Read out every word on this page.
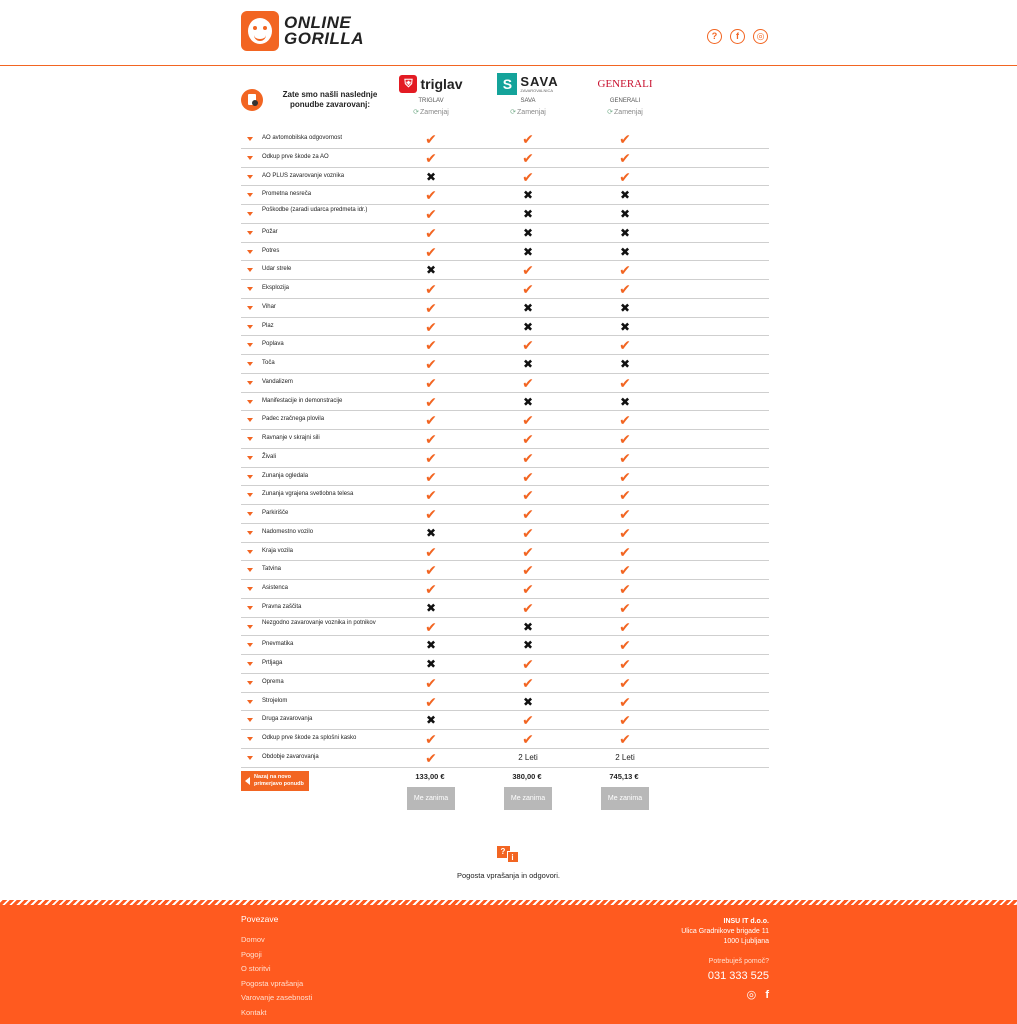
ONLINE
GORILLA	?	f	◎
Zate smo našli naslednje ponudbe zavarovanj:
⛨ triglav
TRIGLAV
⟳Zamenjaj
S SAVA
ZAVAROVALNICA
SAVA
⟳Zamenjaj
GENERALI
GENERALI
⟳Zamenjaj
AO avtomobilska odgovornost	✔	✔	✔
Odkup prve škode za AO	✔	✔	✔
AO PLUS zavarovanje voznika	✖	✔	✔
Prometna nesreča	✔	✖	✖
Poškodbe (zaradi udarca predmeta idr.)	✔	✖	✖
Požar	✔	✖	✖
Potres	✔	✖	✖
Udar strele	✖	✔	✔
Eksplozija	✔	✔	✔
Vihar	✔	✖	✖
Plaz	✔	✖	✖
Poplava	✔	✔	✔
Toča	✔	✖	✖
Vandalizem	✔	✔	✔
Manifestacije in demonstracije	✔	✖	✖
Padec zračnega plovila	✔	✔	✔
Ravnanje v skrajni sili	✔	✔	✔
Živali	✔	✔	✔
Zunanja ogledala	✔	✔	✔
Zunanja vgrajena svetlobna telesa	✔	✔	✔
Parkirišče	✔	✔	✔
Nadomestno vozilo	✖	✔	✔
Kraja vozila	✔	✔	✔
Tatvina	✔	✔	✔
Asistenca	✔	✔	✔
Pravna zaščita	✖	✔	✔
Nezgodno zavarovanje voznika in potnikov	✔	✖	✔
Pnevmatika	✖	✖	✔
Prtljaga	✖	✔	✔
Oprema	✔	✔	✔
Strojelom	✔	✖	✔
Druga zavarovanja	✖	✔	✔
Odkup prve škode za splošni kasko	✔	✔	✔
Obdobje zavarovanja	✔	2 Leti	2 Leti
Nazaj na novo primerjavo ponudb
133,00 €	380,00 €	745,13 €
Me zanima	Me zanima	Me zanima
?
i
Pogosta vprašanja in odgovori.
Povezave
Domov
Pogoji
O storitvi
Pogosta vprašanja
Varovanje zasebnosti
Kontakt
INSU IT d.o.o.
Ulica Gradnikove brigade 11
1000 Ljubljana
Potrebuješ pomoč?
031 333 525
◎ f
